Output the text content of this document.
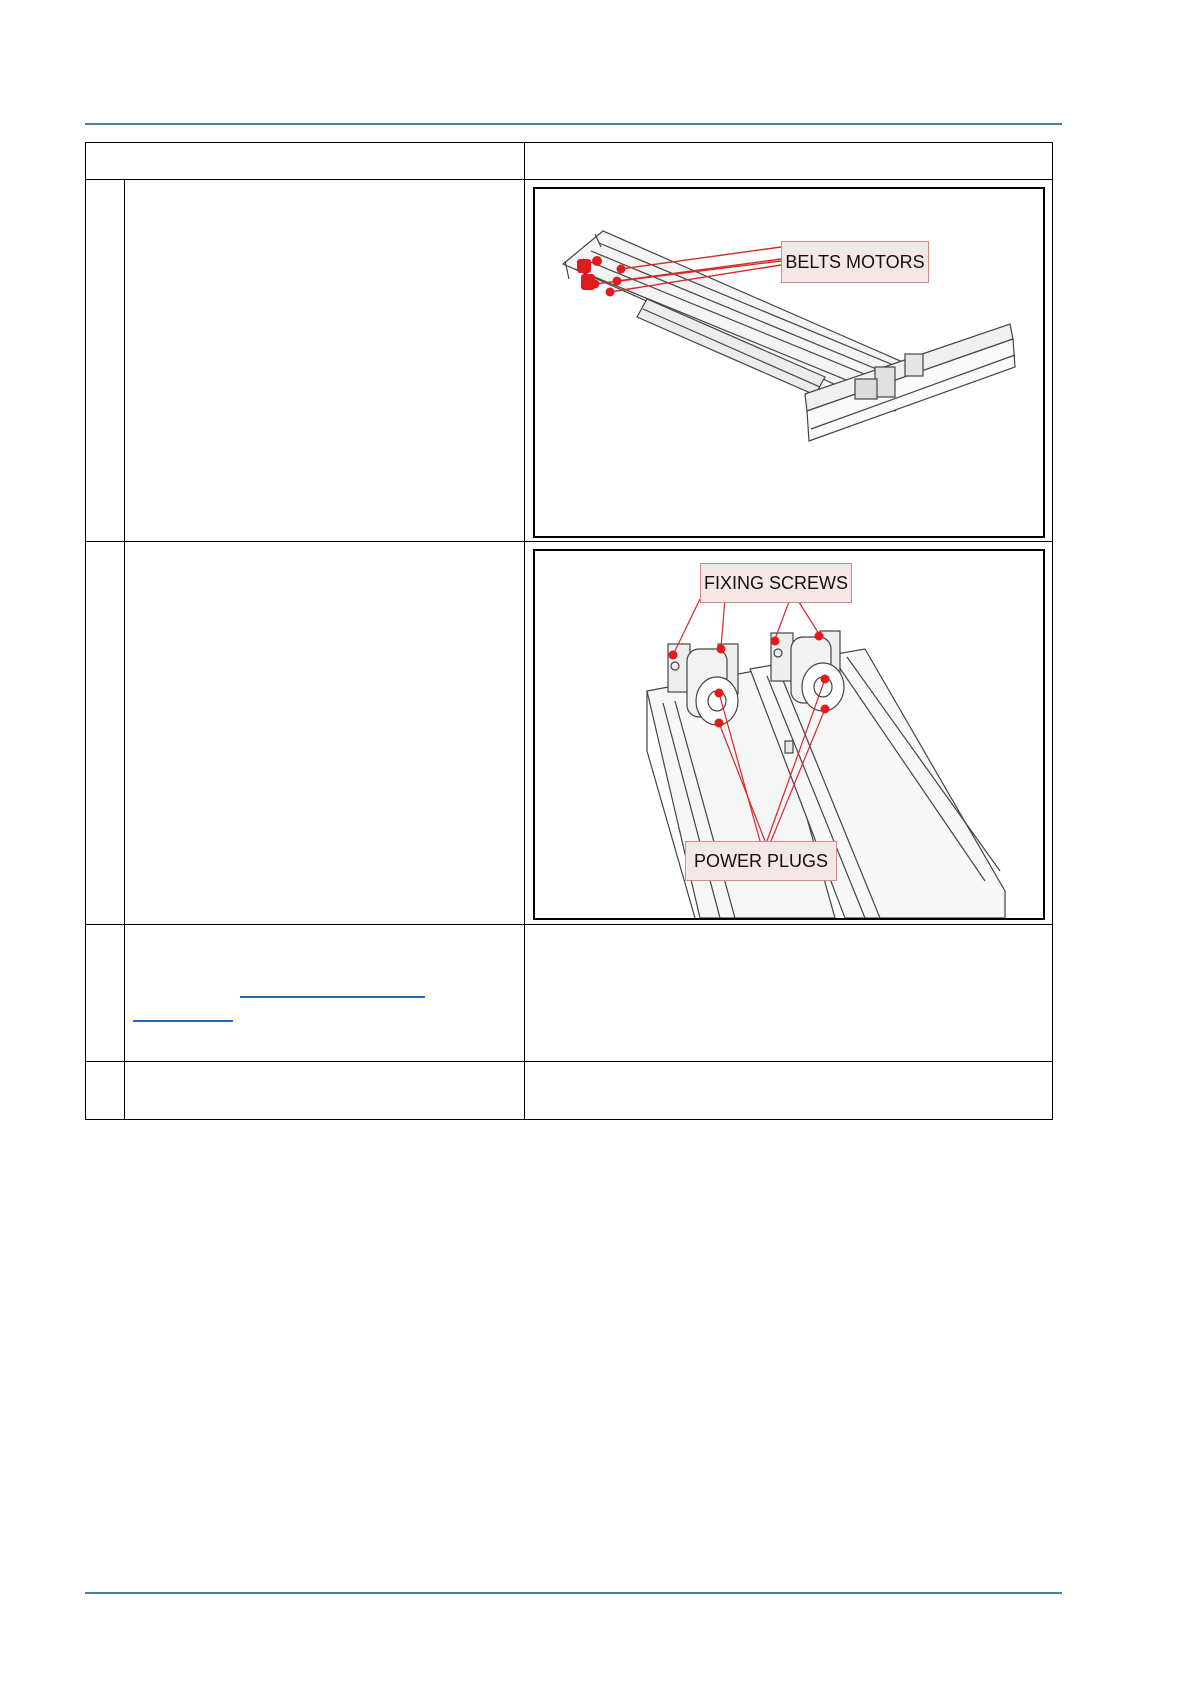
		BELTS MOTORS

		FIXING SCREWS
POWER PLUGS
